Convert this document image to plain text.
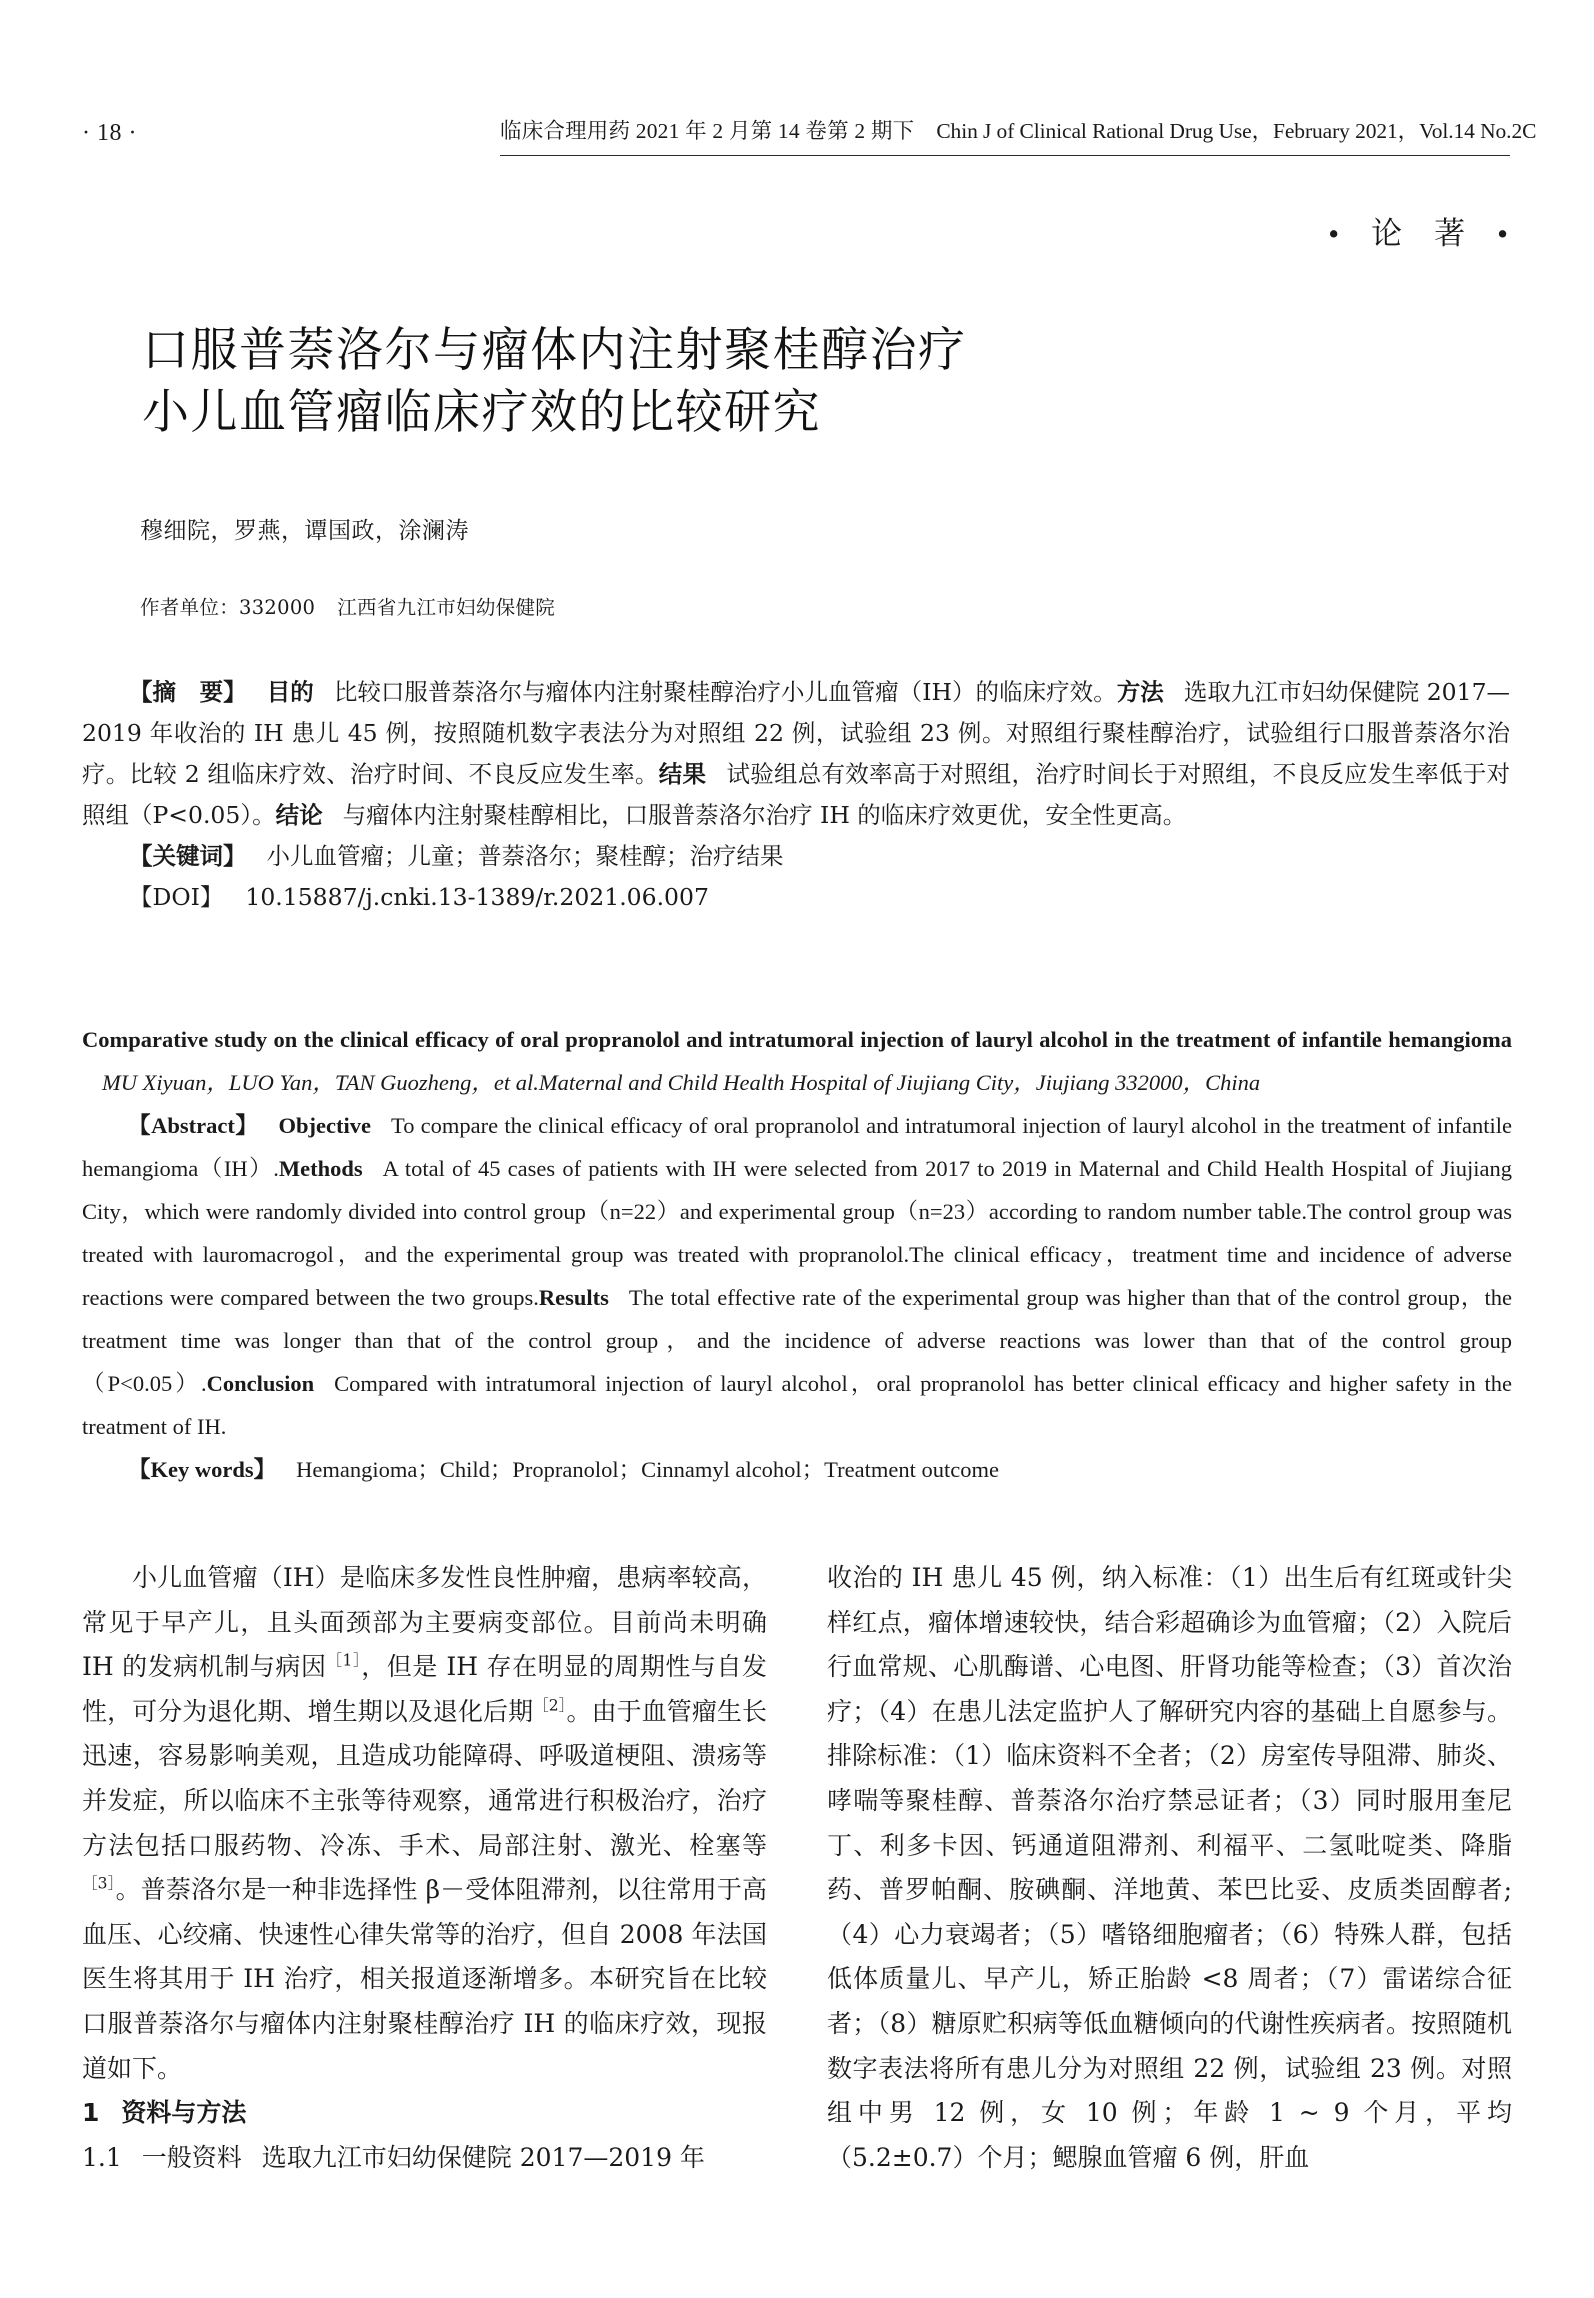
· 18 ·	临床合理用药 2021 年 2 月第 14 卷第 2 期下 Chin J of Clinical Rational Drug Use，February 2021，Vol.14 No.2C
• 论 著 •
口服普萘洛尔与瘤体内注射聚桂醇治疗
小儿血管瘤临床疗效的比较研究
穆细院，罗燕，谭国政，涂澜涛
作者单位：332000 江西省九江市妇幼保健院

【摘　要】 目的 比较口服普萘洛尔与瘤体内注射聚桂醇治疗小儿血管瘤（IH）的临床疗效。方法 选取九江市妇幼保健院 2017—2019 年收治的 IH 患儿 45 例，按照随机数字表法分为对照组 22 例，试验组 23 例。对照组行聚桂醇治疗，试验组行口服普萘洛尔治疗。比较 2 组临床疗效、治疗时间、不良反应发生率。结果 试验组总有效率高于对照组，治疗时间长于对照组，不良反应发生率低于对照组（P<0.05）。结论 与瘤体内注射聚桂醇相比，口服普萘洛尔治疗 IH 的临床疗效更优，安全性更高。

【关键词】 小儿血管瘤；儿童；普萘洛尔；聚桂醇；治疗结果

【DOI】 10.15887/j.cnki.13-1389/r.2021.06.007

Comparative study on the clinical efficacy of oral propranolol and intratumoral injection of lauryl alcohol in the treatment of infantile hemangiomaMU Xiyuan，LUO Yan，TAN Guozheng，et al.Maternal and Child Health Hospital of Jiujiang City，Jiujiang 332000，China

【Abstract】 Objective To compare the clinical efficacy of oral propranolol and intratumoral injection of lauryl alcohol in the treatment of infantile hemangioma（IH）.Methods A total of 45 cases of patients with IH were selected from 2017 to 2019 in Maternal and Child Health Hospital of Jiujiang City，which were randomly divided into control group（n=22）and experimental group（n=23）according to random number table.The control group was treated with lauromacrogol，and the experimental group was treated with propranolol.The clinical efficacy，treatment time and incidence of adverse reactions were compared between the two groups.Results The total effective rate of the experimental group was higher than that of the control group，the treatment time was longer than that of the control group，and the incidence of adverse reactions was lower than that of the control group（P<0.05）.Conclusion Compared with intratumoral injection of lauryl alcohol，oral propranolol has better clinical efficacy and higher safety in the treatment of IH.

【Key words】 Hemangioma；Child；Propranolol；Cinnamyl alcohol；Treatment outcome

小儿血管瘤（IH）是临床多发性良性肿瘤，患病率较高，常见于早产儿，且头面颈部为主要病变部位。目前尚未明确 IH 的发病机制与病因$^{[1]}$，但是 IH 存在明显的周期性与自发性，可分为退化期、增生期以及退化后期$^{[2]}$。由于血管瘤生长迅速，容易影响美观，且造成功能障碍、呼吸道梗阻、溃疡等并发症，所以临床不主张等待观察，通常进行积极治疗，治疗方法包括口服药物、冷冻、手术、局部注射、激光、栓塞等$^{[3]}$。普萘洛尔是一种非选择性 β－受体阻滞剂，以往常用于高血压、心绞痛、快速性心律失常等的治疗，但自 2008 年法国医生将其用于 IH 治疗，相关报道逐渐增多。本研究旨在比较口服普萘洛尔与瘤体内注射聚桂醇治疗 IH 的临床疗效，现报道如下。

1 资料与方法

1.1 一般资料 选取九江市妇幼保健院 2017—2019 年

收治的 IH 患儿 45 例，纳入标准：（1）出生后有红斑或针尖样红点，瘤体增速较快，结合彩超确诊为血管瘤；（2）入院后行血常规、心肌酶谱、心电图、肝肾功能等检查；（3）首次治疗；（4）在患儿法定监护人了解研究内容的基础上自愿参与。排除标准：（1）临床资料不全者；（2）房室传导阻滞、肺炎、哮喘等聚桂醇、普萘洛尔治疗禁忌证者；（3）同时服用奎尼丁、利多卡因、钙通道阻滞剂、利福平、二氢吡啶类、降脂药、普罗帕酮、胺碘酮、洋地黄、苯巴比妥、皮质类固醇者;（4）心力衰竭者；（5）嗜铬细胞瘤者；（6）特殊人群，包括低体质量儿、早产儿，矫正胎龄 <8 周者；（7）雷诺综合征者；（8）糖原贮积病等低血糖倾向的代谢性疾病者。按照随机数字表法将所有患儿分为对照组 22 例，试验组 23 例。对照组中男 12 例，女 10 例；年龄 1 ~ 9 个月，平均（5.2±0.7）个月；鳃腺血管瘤 6 例，肝血
